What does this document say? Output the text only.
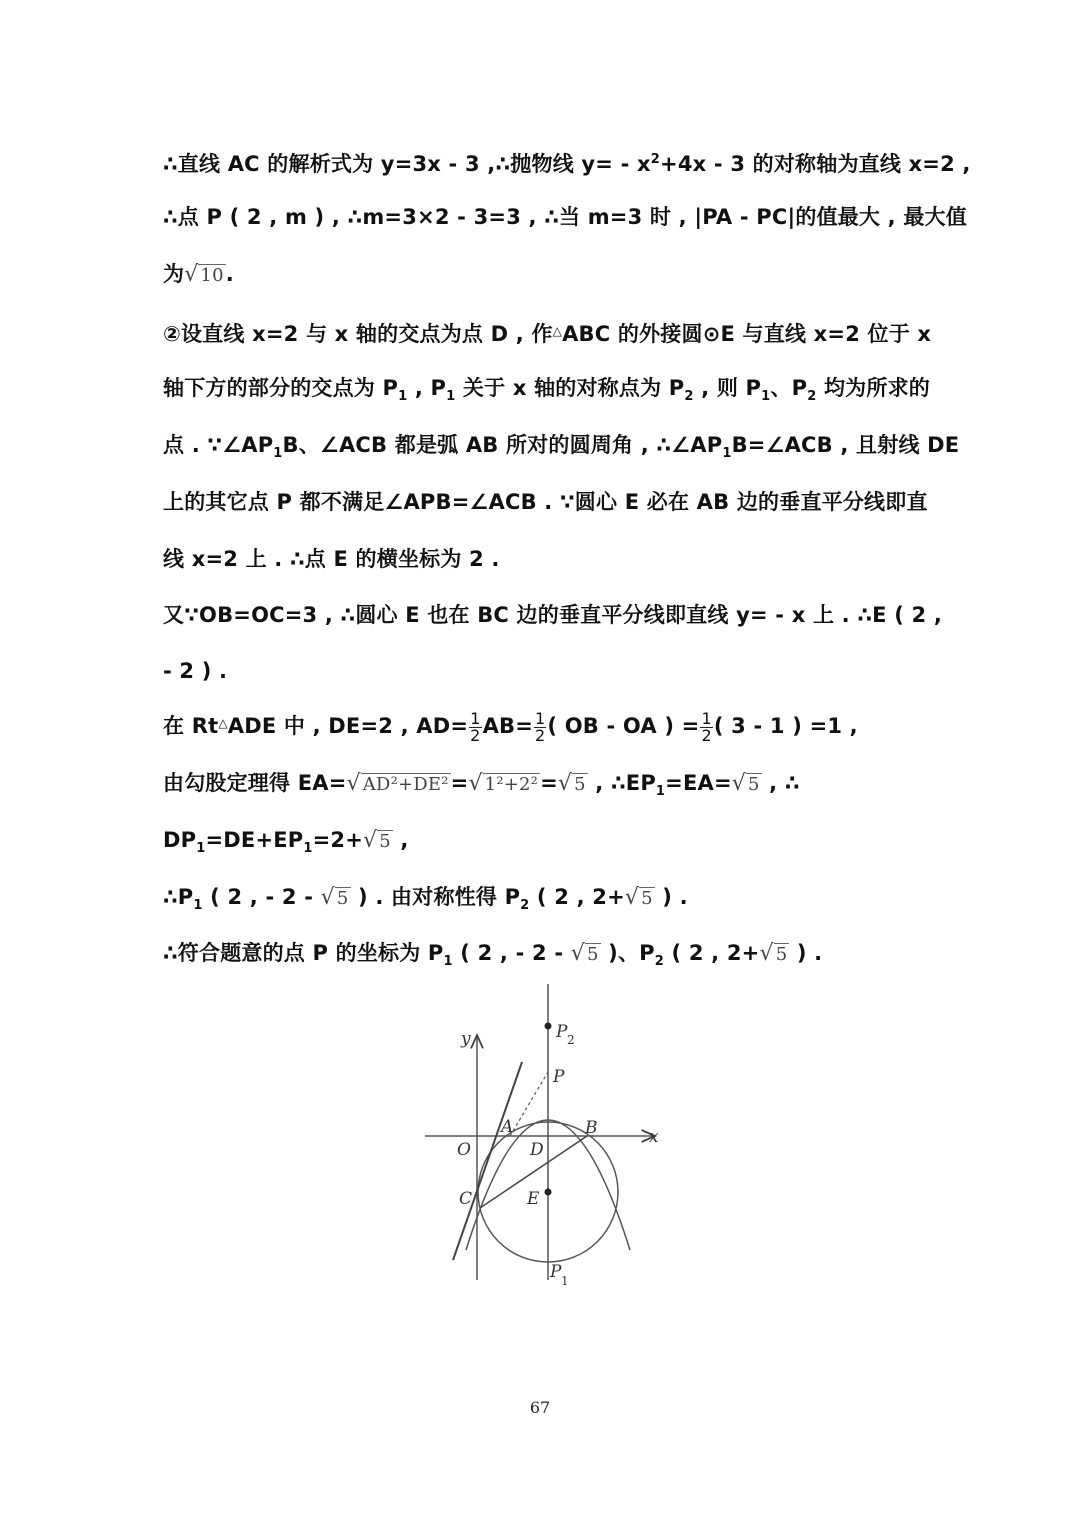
∴直线 AC 的解析式为 y=3x - 3 ,∴抛物线 $y= - x^2+4x - 3$ 的对称轴为直线 x=2 ,
∴点 P ( 2 , m ) , ∴m=3×2 - 3=3 , ∴当 m=3 时 , |PA - PC|的值最大 , 最大值
为√ 10.
②设直线 x=2 与 x 轴的交点为点 D , 作△ABC 的外接圆⊙E 与直线 x=2 位于 x
轴下方的部分的交点为 $P_1$ , $P_1$ 关于 x 轴的对称点为 $P_2$ , 则 $P_1$、$P_2$ 均为所求的
点 . $\because\angle AP_1B$、∠ACB 都是弧 AB 所对的圆周角 , $\therefore\angle AP_1B=\angle ACB$ , 且射线 DE
上的其它点 P 都不满足∠APB=∠ACB . ∵圆心 E 必在 AB 边的垂直平分线即直
线 x=2 上 . ∴点 E 的横坐标为 2 .
又∵OB=OC=3 , ∴圆心 E 也在 BC 边的垂直平分线即直线 y= - x 上 . ∴E ( 2 ,
- 2 ) .
在 Rt△ADE 中 , DE=2 , $AD= \frac{1}{2} AB= \frac{1}{2}$ ( OB - OA ) = $\frac{1}{2}$ ( 3 - 1 ) =1 ,
由勾股定理得 EA=√ AD²+DE²=√ 1²+2²=√ 5 , $\therefore EP_1=EA=√$ 5 , ∴
$DP_1=DE+EP_1=2+√$ 5 ,
$\therefore P_1$ ( 2 , - 2 - √ 5 ) . 由对称性得 $P_2$ ( 2 , 2+√ 5 ) .
∴符合题意的点 P 的坐标为 $P_1$ ( 2 , - 2 - √ 5 )、$P_2$ ( 2 , 2+√ 5 ) .
y
x
O
A	B
C
D
E
P
P 2
P 1
67
